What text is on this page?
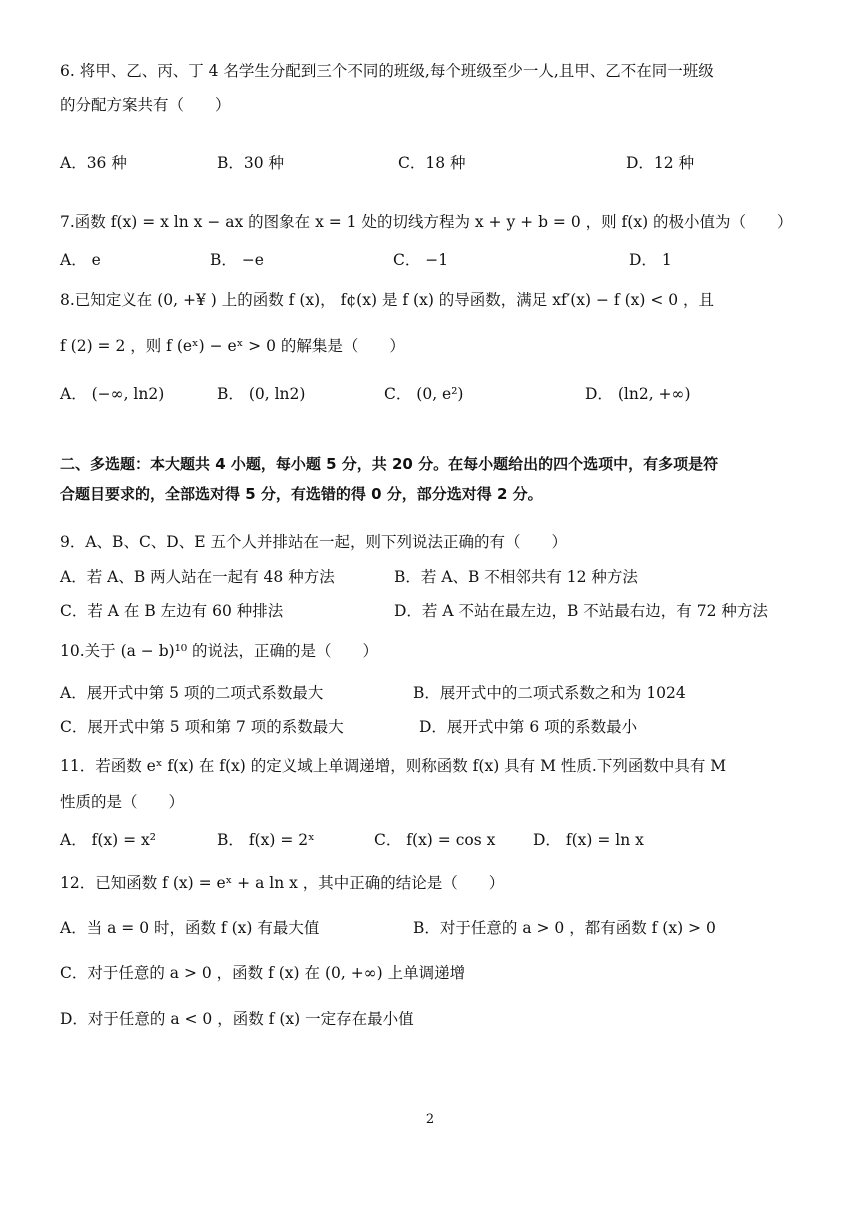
6. 将甲、乙、丙、丁 4 名学生分配到三个不同的班级,每个班级至少一人,且甲、乙不在同一班级
的分配方案共有（　　）
A．36 种	B．30 种	C．18 种	D．12 种
7.函数 f(x) = x ln x − ax 的图象在 x = 1 处的切线方程为 x + y + b = 0 ，则 f(x) 的极小值为（　　）
A． e	B． −e	C． −1	D． 1
8.已知定义在 (0, +¥ ) 上的函数 f (x)， f¢(x) 是 f (x) 的导函数，满足 xf′(x) − f (x) < 0 ，且
f (2) = 2 ，则 f (eˣ) − eˣ > 0 的解集是（　　）
A． (−∞, ln2)	B． (0, ln2)	C． (0, e²)	D． (ln2, +∞)
二、多选题：本大题共 4 小题，每小题 5 分，共 20 分。在每小题给出的四个选项中，有多项是符
合题目要求的，全部选对得 5 分，有选错的得 0 分，部分选对得 2 分。
9．A、B、C、D、E 五个人并排站在一起，则下列说法正确的有（　　）
A．若 A、B 两人站在一起有 48 种方法	B．若 A、B 不相邻共有 12 种方法
C．若 A 在 B 左边有 60 种排法	D．若 A 不站在最左边，B 不站最右边，有 72 种方法
10.关于 (a − b)¹⁰ 的说法，正确的是（　　）
A．展开式中第 5 项的二项式系数最大	B．展开式中的二项式系数之和为 1024
C．展开式中第 5 项和第 7 项的系数最大	D．展开式中第 6 项的系数最小
11．若函数 eˣ f(x) 在 f(x) 的定义域上单调递增，则称函数 f(x) 具有 M 性质.下列函数中具有 M
性质的是（　　）
A． f(x) = x²	B． f(x) = 2ˣ	C． f(x) = cos x D． f(x) = ln x
12．已知函数 f (x) = eˣ + a ln x ，其中正确的结论是（　　）
A．当 a = 0 时，函数 f (x) 有最大值	B．对于任意的 a > 0 ，都有函数 f (x) > 0
C．对于任意的 a > 0 ，函数 f (x) 在 (0, +∞) 上单调递增
D．对于任意的 a < 0 ，函数 f (x) 一定存在最小值
2
